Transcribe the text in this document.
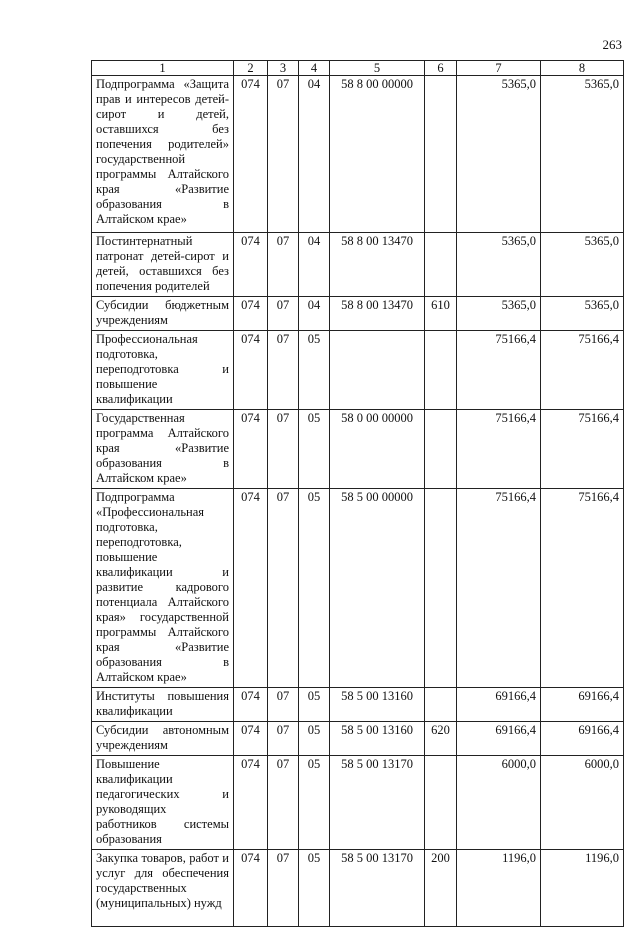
263
1	2	3	4	5	6	7	8
Подпрограмма «Защита прав и интересов детей-сирот и детей, оставшихся без попечения родителей» государственной программы Алтайского края «Развитие образования в Алтайском крае»	074	07	04	58 8 00 00000		5365,0	5365,0
Постинтернатный патронат детей-сирот и детей, оставшихся без попечения родителей	074	07	04	58 8 00 13470		5365,0	5365,0
Субсидии бюджетным учреждениям	074	07	04	58 8 00 13470	610	5365,0	5365,0
Профессиональная подготовка, переподготовка и повышение квалификации	074	07	05			75166,4	75166,4
Государственная программа Алтайского края «Развитие образования в Алтайском крае»	074	07	05	58 0 00 00000		75166,4	75166,4
Подпрограмма «Профессиональная подготовка, переподготовка, повышение квалификации и развитие кадрового потенциала Алтайского края» государственной программы Алтайского края «Развитие образования в Алтайском крае»	074	07	05	58 5 00 00000		75166,4	75166,4
Институты повышения квалификации	074	07	05	58 5 00 13160		69166,4	69166,4
Субсидии автономным учреждениям	074	07	05	58 5 00 13160	620	69166,4	69166,4
Повышение квалификации педагогических и руководящих работников системы образования	074	07	05	58 5 00 13170		6000,0	6000,0
Закупка товаров, работ и услуг для обеспечения государственных (муниципальных) нужд	074	07	05	58 5 00 13170	200	1196,0	1196,0
